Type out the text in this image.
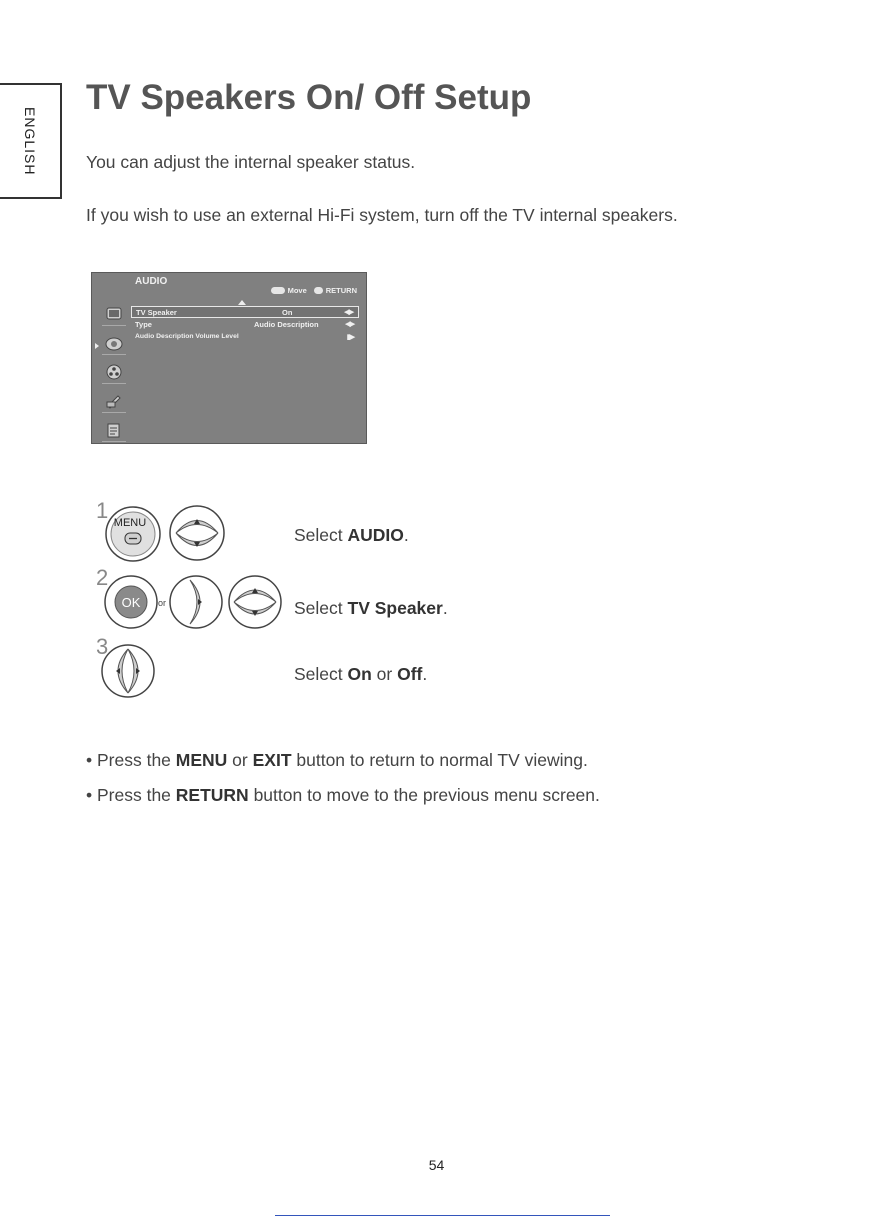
ENGLISH
TV Speakers On/ Off Setup

You can adjust the internal speaker status.

If you wish to use an external Hi-Fi system, turn off the TV internal speakers.

AUDIO
Move	RETURN
TV Speaker	On	◀▶
Type	Audio Description	◀▶
Audio Description Volume Level	▮▶
1 MENU
Select AUDIO.
2
OK or	Select TV Speaker.
3
Select On or Off.
• Press the MENU or EXIT button to return to normal TV viewing.
• Press the RETURN button to move to the previous menu screen.
54
